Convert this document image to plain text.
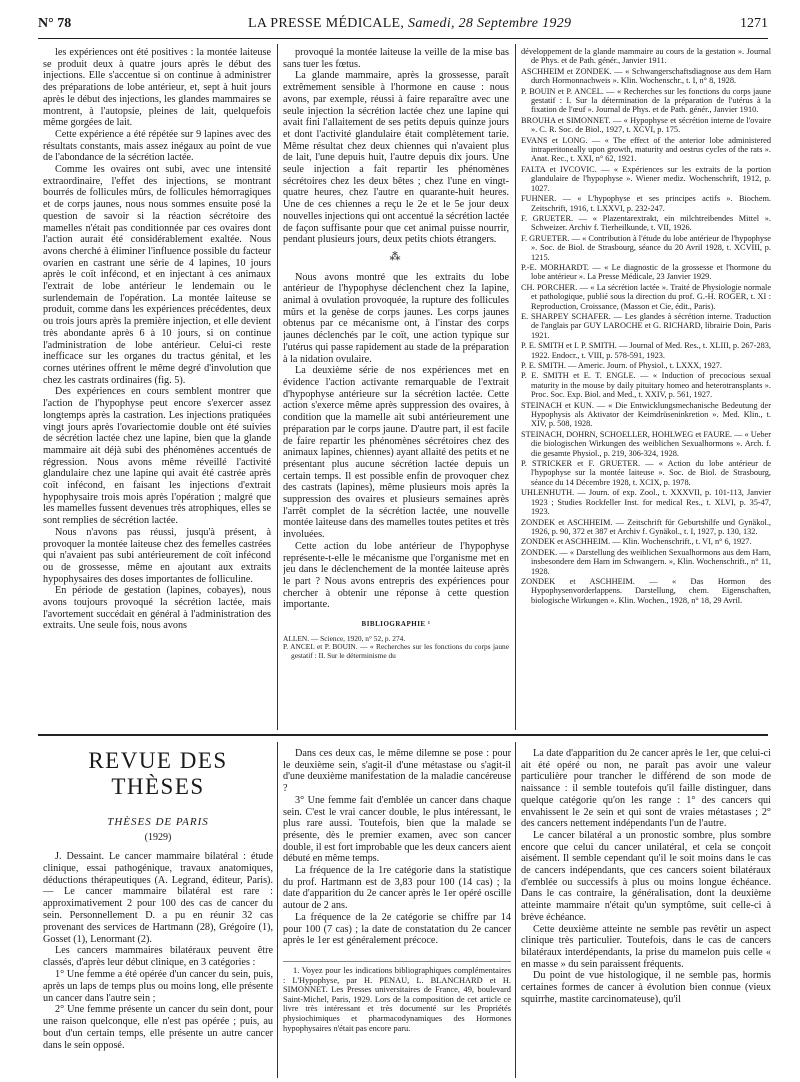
N° 78	LA PRESSE MÉDICALE, Samedi, 28 Septembre 1929	1271

les expériences ont été positives : la montée laiteuse se produit deux à quatre jours après le début des injections. Elle s'accentue si on continue à administrer des préparations de lobe antérieur, et, sept à huit jours après le début des injections, les glandes mammaires se montrent, à l'autopsie, pleines de lait, quelquefois même gorgées de lait.

Cette expérience a été répétée sur 9 lapines avec des résultats constants, mais assez inégaux au point de vue de l'abondance de la sécrétion lactée.

Comme les ovaires ont subi, avec une intensité extraordinaire, l'effet des injections, se montrant bourrés de follicules mûrs, de follicules hémorragiques et de corps jaunes, nous nous sommes ensuite posé la question de savoir si la réaction sécrétoire des mamelles n'était pas conditionnée par ces ovaires dont l'action aurait été considérablement exaltée. Nous avons cherché à éliminer l'influence possible du facteur ovarien en castrant une série de 4 lapines, 10 jours après le coït infécond, et en injectant à ces animaux l'extrait de lobe antérieur le lendemain ou le surlendemain de l'opération. La montée laiteuse se produit, comme dans les expériences précédentes, deux ou trois jours après la première injection, et elle devient très abondante après 6 à 10 jours, si on continue l'administration de lobe antérieur. Celui-ci reste inefficace sur les organes du tractus génital, et les cornes utérines offrent le même degré d'involution que chez les castrats ordinaires (fig. 5).

Des expériences en cours semblent montrer que l'action de l'hypophyse peut encore s'exercer assez longtemps après la castration. Les injections pratiquées vingt jours après l'ovariectomie double ont été suivies de sécrétion lactée chez une lapine, bien que la glande mammaire ait déjà subi des phénomènes accentués de régression. Nous avons même réveillé l'activité glandulaire chez une lapine qui avait été castrée après coït infécond, en faisant les injections d'extrait hypophysaire trois mois après l'opération ; malgré que les mamelles fussent devenues très atrophiques, elles se sont remplies de sécrétion lactée.

Nous n'avons pas réussi, jusqu'à présent, à provoquer la montée laiteuse chez des femelles castrées qui n'avaient pas subi antérieurement de coït infécond ou de grossesse, même en ajoutant aux extraits hypophysaires des doses importantes de folliculine.

En période de gestation (lapines, cobayes), nous avons toujours provoqué la sécrétion lactée, mais l'avortement succédait en général à l'administration des extraits. Une seule fois, nous avons

provoqué la montée laiteuse la veille de la mise bas sans tuer les fœtus.

La glande mammaire, après la grossesse, paraît extrêmement sensible à l'hormone en cause : nous avons, par exemple, réussi à faire reparaître avec une seule injection la sécrétion lactée chez une lapine qui avait fini l'allaitement de ses petits depuis quinze jours et dont l'activité glandulaire était complètement tarie. Même résultat chez deux chiennes qui n'avaient plus de lait, l'une depuis huit, l'autre depuis dix jours. Une seule injection a fait repartir les phénomènes sécrétoires chez les deux bêtes ; chez l'une en vingt-quatre heures, chez l'autre en quarante-huit heures. Une de ces chiennes a reçu le 2e et le 5e jour deux nouvelles injections qui ont accentué la sécrétion lactée de façon suffisante pour que cet animal puisse nourrir, pendant plusieurs jours, deux petits chiots étrangers.

⁂

Nous avons montré que les extraits du lobe antérieur de l'hypophyse déclenchent chez la lapine, animal à ovulation provoquée, la rupture des follicules mûrs et la genèse de corps jaunes. Les corps jaunes obtenus par ce mécanisme ont, à l'instar des corps jaunes déclenchés par le coït, une action typique sur l'utérus qui passe rapidement au stade de la préparation à la nidation ovulaire.

La deuxième série de nos expériences met en évidence l'action activante remarquable de l'extrait d'hypophyse antérieure sur la sécrétion lactée. Cette action s'exerce même après suppression des ovaires, à condition que la mamelle ait subi antérieurement une préparation par le corps jaune. D'autre part, il est facile de faire repartir les phénomènes sécrétoires chez des animaux lapines, chiennes) ayant allaité des petits et ne présentant plus aucune sécrétion lactée depuis un certain temps. Il est possible enfin de provoquer chez des castrats (lapines), même plusieurs mois après la suppression des ovaires et plusieurs semaines après l'arrêt complet de la sécrétion lactée, une nouvelle montée laiteuse dans des mamelles toutes petites et très involuées.

Cette action du lobe antérieur de l'hypophyse représente-t-elle le mécanisme que l'organisme met en jeu dans le déclenchement de la montée laiteuse après le part ? Nous avons entrepris des expériences pour chercher à obtenir une réponse à cette question importante.

BIBLIOGRAPHIE ¹

ALLEN. — Science, 1920, n° 52, p. 274.

P. ANCEL et P. BOUIN. — « Recherches sur les fonctions du corps jaune gestatif : II. Sur le déterminisme du

développement de la glande mammaire au cours de la gestation ». Journal de Phys. et de Path. génér., Janvier 1911.

ASCHHEIM et ZONDEK. — « Schwangerschaftsdiagnose aus dem Harn durch Hormonnachweis ». Klin. Wochenschr., t. I, n° 8, 1928.

P. BOUIN et P. ANCEL. — « Recherches sur les fonctions du corps jaune gestatif : I. Sur la détermination de la préparation de l'utérus à la fixation de l'œuf ». Journal de Phys. et de Path. génér., Janvier 1910.

BROUHA et SIMONNET. — « Hypophyse et sécrétion interne de l'ovaire ». C. R. Soc. de Biol., 1927, t. XCVI, p. 175.

EVANS et LONG. — « The effect of the anterior lobe administered intraperitoneally upon growth, maturity and oestrus cycles of the rats ». Anat. Rec., t. XXI, n° 62, 1921.

FALTA et IVCOVIC. — « Expériences sur les extraits de la portion glandulaire de l'hypophyse ». Wiener mediz. Wochenschrift, 1912, p. 1027.

FUHNER. — « L'hypophyse et ses principes actifs ». Biochem. Zeitschrift, 1916, t. LXXVI, p. 232-247.

F. GRUETER. — « Plazentarextrakt, ein milchtreibendes Mittel ». Schweizer. Archiv f. Tierheilkunde, t. VII, 1926.

F. GRUETER. — « Contribution à l'étude du lobe antérieur de l'hypophyse ». Soc. de Biol. de Strasbourg, séance du 20 Avril 1928, t. XCVIII, p. 1215.

P.-E. MORHARDT. — « Le diagnostic de la grossesse et l'hormone du lobe antérieur ». La Presse Médicale, 23 Janvier 1929.

CH. PORCHER. — « La sécrétion lactée ». Traité de Physiologie normale et pathologique, publié sous la direction du prof. G.-H. ROGER, t. XI : Reproduction, Croissance, (Masson et Cie, édit., Paris).

E. SHARPEY SCHAFER. — Les glandes à sécrétion interne. Traduction de l'anglais par GUY LAROCHE et G. RICHARD, librairie Doin, Paris 1921.

P. E. SMITH et I. P. SMITH. — Journal of Med. Res., t. XLIII, p. 267-283, 1922. Endocr., t. VIII, p. 578-591, 1923.

P. E. SMITH. — Americ. Journ. of Physiol., t. LXXX, 1927.

P. E. SMITH et E. T. ENGLE. — « Induction of precocious sexual maturity in the mouse by daily pituitary homeo and heterotransplants ». Proc. Soc. Exp. Biol. and Med., t. XXIV, p. 561, 1927.

STEINACH et KUN. — « Die Entwicklungsmechanische Bedeutung der Hypophysis als Aktivator der Keimdrüseninkretion ». Med. Klin., t. XIV, p. 508, 1928.

STEINACH, DOHRN, SCHOELLER, HOHLWEG et FAURE. — « Ueber die biologischen Wirkungen des weiblichen Sexualhormons ». Arch. f. die gesamte Physiol., p. 219, 306-324, 1928.

P. STRICKER et F. GRUETER. — « Action du lobe antérieur de l'hypophyse sur la montée laiteuse ». Soc. de Biol. de Strasbourg, séance du 14 Décembre 1928, t. XCIX, p. 1978.

UHLENHUTH. — Journ. of exp. Zool., t. XXXVII, p. 101-113, Janvier 1923 ; Studies Rockfeller Inst. for medical Res., t. XLVI, p. 35-47, 1923.

ZONDEK et ASCHHEIM. — Zeitschrift für Geburtshilfe und Gynäkol., 1926, p. 90, 372 et 387 et Archiv f. Gynäkol., t. I, 1927, p. 130, 132.

ZONDEK et ASCHHEIM. — Klin. Wochenschrift., t. VI, n° 6, 1927.

ZONDEK. — « Darstellung des weiblichen Sexualhormons aus dem Harn, insbesondere dem Harn im Schwangern. », Klin. Wochenschrift., n° 11, 1928.

ZONDEK et ASCHHEIM. — « Das Hormon des Hypophysenvorderlappens. Darstellung, chem. Eigenschaften, biologische Wirkungen ». Klin. Wochen., 1928, n° 18, 29 Avril.

REVUE DES THÈSES
THÈSES DE PARIS
(1929)

J. Dessaint. Le cancer mammaire bilatéral : étude clinique, essai pathogénique, travaux anatomiques, déductions thérapeutiques (A. Legrand, éditeur, Paris). — Le cancer mammaire bilatéral est rare : approximativement 2 pour 100 des cas de cancer du sein. Personnellement D. a pu en réunir 32 cas provenant des services de Hartmann (28), Grégoire (1), Gosset (1), Lenormant (2).

Les cancers mammaires bilatéraux peuvent être classés, d'après leur début clinique, en 3 catégories :

1° Une femme a été opérée d'un cancer du sein, puis, après un laps de temps plus ou moins long, elle présente un cancer dans l'autre sein ;

2° Une femme présente un cancer du sein dont, pour une raison quelconque, elle n'est pas opérée ; puis, au bout d'un certain temps, elle présente un autre cancer dans le sein opposé.

Dans ces deux cas, le même dilemne se pose : pour le deuxième sein, s'agit-il d'une métastase ou s'agit-il d'une deuxième manifestation de la maladie cancéreuse ?

3° Une femme fait d'emblée un cancer dans chaque sein. C'est le vrai cancer double, le plus intéressant, le plus rare aussi. Toutefois, bien que la malade se présente, dès le premier examen, avec son cancer double, il est fort improbable que les deux cancers aient débuté en même temps.

La fréquence de la 1re catégorie dans la statistique du prof. Hartmann est de 3,83 pour 100 (14 cas) ; la date d'apparition du 2e cancer après le 1er opéré oscille autour de 2 ans.

La fréquence de la 2e catégorie se chiffre par 14 pour 100 (7 cas) ; la date de constatation du 2e cancer après le 1er est généralement précoce.

1. Voyez pour les indications bibliographiques complémentaires : L'Hypophyse, par H. PENAU, L. BLANCHARD et H. SIMONNET. Les Presses universitaires de France, 49, boulevard Saint-Michel, Paris, 1929. Lors de la composition de cet article ce livre très intéressant et très documenté sur les Propriétés physiochimiques et pharmacodynamiques des Hormones hypophysaires n'était pas encore paru.

La date d'apparition du 2e cancer après le 1er, que celui-ci ait été opéré ou non, ne paraît pas avoir une valeur particulière pour trancher le différend de son mode de naissance : il semble toutefois qu'il faille distinguer, dans quelque catégorie qu'on les range : 1° des cancers qui envahissent le 2e sein et qui sont de vraies métastases ; 2° des cancers nettement indépendants l'un de l'autre.

Le cancer bilatéral a un pronostic sombre, plus sombre encore que celui du cancer unilatéral, et cela se conçoit aisément. Il semble cependant qu'il le soit moins dans le cas de cancers indépendants, que ces cancers soient bilatéraux d'emblée ou successifs à plus ou moins longue échéance. Dans le cas contraire, la généralisation, dont la deuxième atteinte mammaire n'était qu'un symptôme, suit celle-ci à brève échéance.

Cette deuxième atteinte ne semble pas revêtir un aspect clinique très particulier. Toutefois, dans le cas de cancers bilatéraux interdépendants, la prise du mamelon puis celle « en masse » du sein paraissent fréquents.

Du point de vue histologique, il ne semble pas, hormis certaines formes de cancer à évolution bien connue (vieux squirrhe, mastite carcinomateuse), qu'il
